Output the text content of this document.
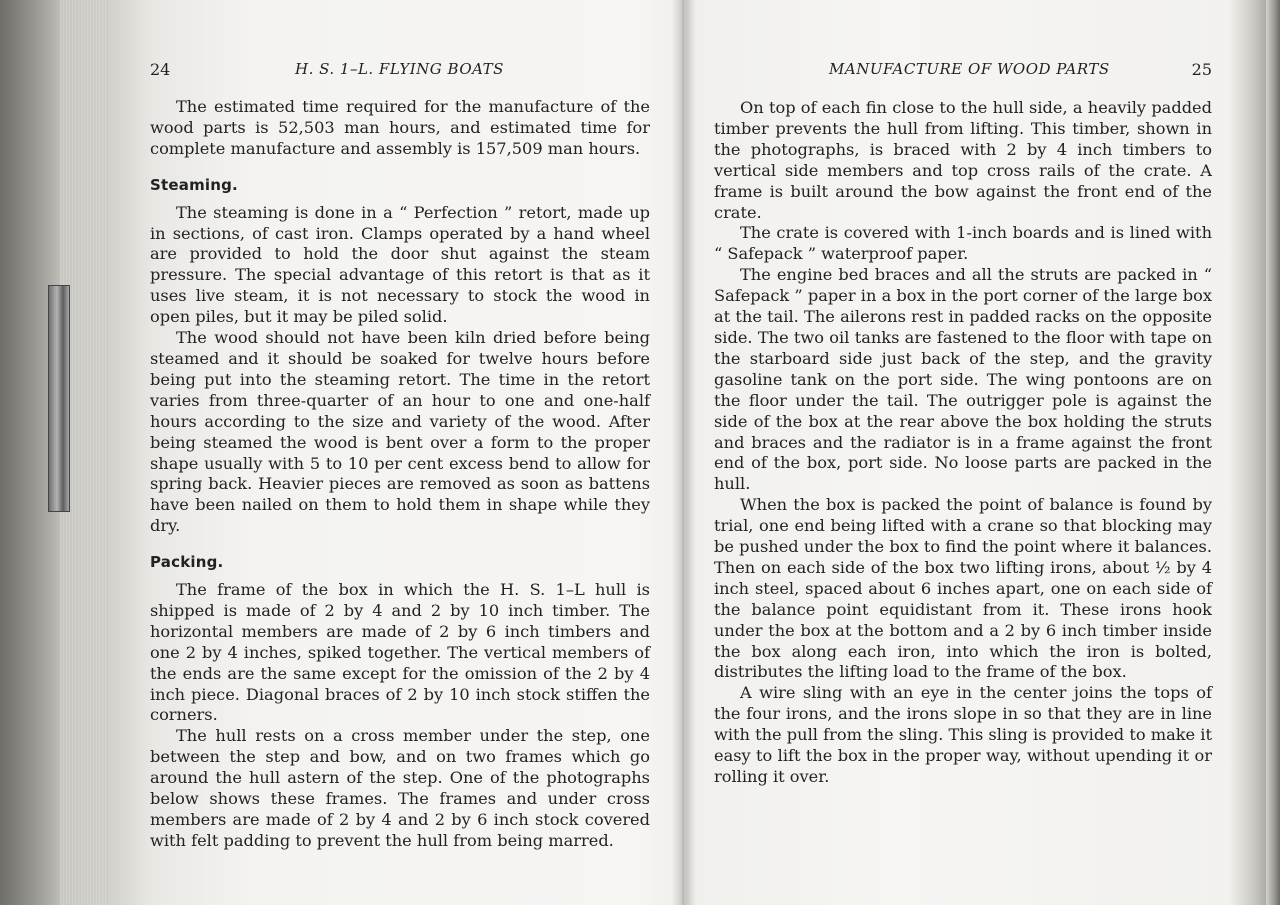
24	H. S. 1–L. FLYING BOATS

The estimated time required for the manufacture of the wood parts is 52,503 man hours, and estimated time for complete manufacture and assembly is 157,509 man hours.

Steaming.

The steaming is done in a “ Perfection ” retort, made up in sections, of cast iron. Clamps operated by a hand wheel are provided to hold the door shut against the steam pressure. The special advantage of this retort is that as it uses live steam, it is not necessary to stock the wood in open piles, but it may be piled solid.

The wood should not have been kiln dried before being steamed and it should be soaked for twelve hours before being put into the steaming retort. The time in the retort varies from three-quarter of an hour to one and one-half hours according to the size and variety of the wood. After being steamed the wood is bent over a form to the proper shape usually with 5 to 10 per cent excess bend to allow for spring back. Heavier pieces are removed as soon as battens have been nailed on them to hold them in shape while they dry.

Packing.

The frame of the box in which the H. S. 1–L hull is shipped is made of 2 by 4 and 2 by 10 inch timber. The horizontal members are made of 2 by 6 inch timbers and one 2 by 4 inches, spiked together. The vertical members of the ends are the same except for the omission of the 2 by 4 inch piece. Diagonal braces of 2 by 10 inch stock stiffen the corners.

The hull rests on a cross member under the step, one between the step and bow, and on two frames which go around the hull astern of the step. One of the photographs below shows these frames. The frames and under cross members are made of 2 by 4 and 2 by 6 inch stock covered with felt padding to prevent the hull from being marred.

MANUFACTURE OF WOOD PARTS	25

On top of each fin close to the hull side, a heavily padded timber prevents the hull from lifting. This timber, shown in the photographs, is braced with 2 by 4 inch timbers to vertical side members and top cross rails of the crate. A frame is built around the bow against the front end of the crate.

The crate is covered with 1-inch boards and is lined with “ Safepack ” waterproof paper.

The engine bed braces and all the struts are packed in “ Safepack ” paper in a box in the port corner of the large box at the tail. The ailerons rest in padded racks on the opposite side. The two oil tanks are fastened to the floor with tape on the starboard side just back of the step, and the gravity gasoline tank on the port side. The wing pontoons are on the floor under the tail. The outrigger pole is against the side of the box at the rear above the box holding the struts and braces and the radiator is in a frame against the front end of the box, port side. No loose parts are packed in the hull.

When the box is packed the point of balance is found by trial, one end being lifted with a crane so that blocking may be pushed under the box to find the point where it balances. Then on each side of the box two lifting irons, about ½ by 4 inch steel, spaced about 6 inches apart, one on each side of the balance point equidistant from it. These irons hook under the box at the bottom and a 2 by 6 inch timber inside the box along each iron, into which the iron is bolted, distributes the lifting load to the frame of the box.

A wire sling with an eye in the center joins the tops of the four irons, and the irons slope in so that they are in line with the pull from the sling. This sling is provided to make it easy to lift the box in the proper way, without upending it or rolling it over.
